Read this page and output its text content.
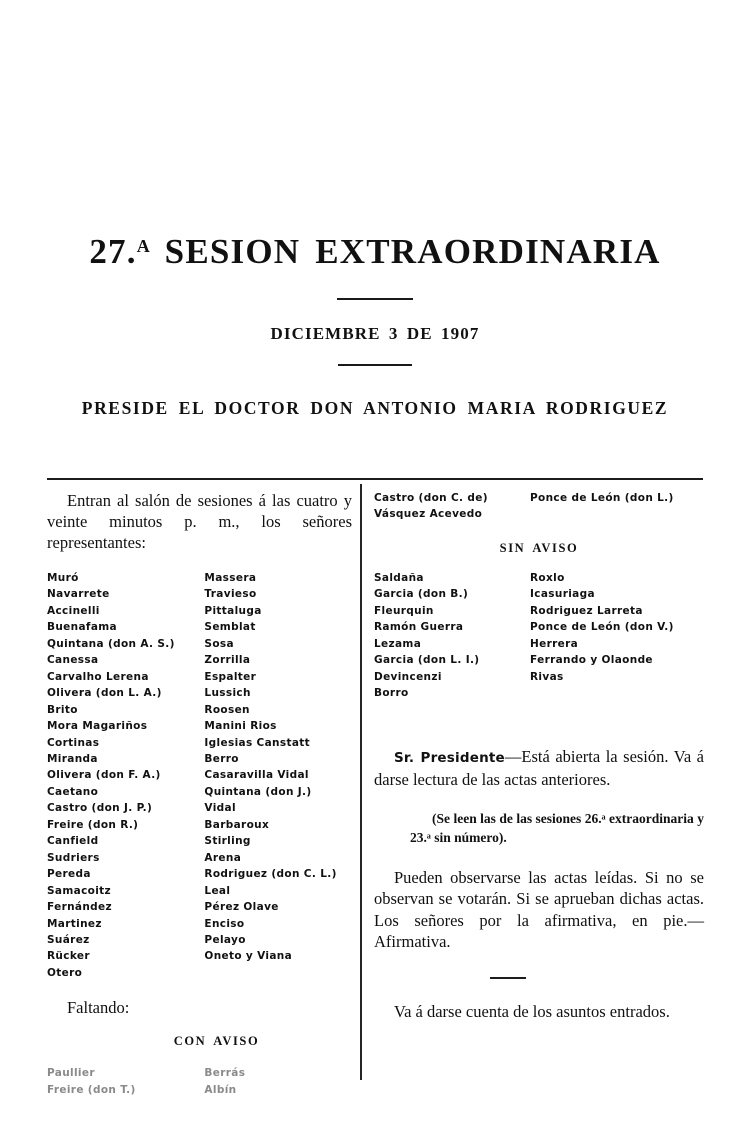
27.$^A$ SESION EXTRAORDINARIA
DICIEMBRE 3 DE 1907
PRESIDE EL DOCTOR DON ANTONIO MARIA RODRIGUEZ
Entran al salón de sesiones á las cuatro y veinte minutos p. m., los señores representantes:
Muró
Navarrete
Accinelli
Buenafama
Quintana (don A. S.)
Canessa
Carvalho Lerena
Olivera (don L. A.)
Brito
Mora Magariños
Cortinas
Miranda
Olivera (don F. A.)
Caetano
Castro (don J. P.)
Freire (don R.)
Canfield
Sudriers
Pereda
Samacoitz
Fernández
Martinez
Suárez
Rücker
Otero
Massera
Travieso
Pittaluga
Semblat
Sosa
Zorrilla
Espalter
Lussich
Roosen
Manini Rios
Iglesias Canstatt
Berro
Casaravilla Vidal
Quintana (don J.)
Vidal
Barbaroux
Stirling
Arena
Rodriguez (don C. L.)
Leal
Pérez Olave
Enciso
Pelayo
Oneto y Viana
Faltando:
CON AVISO
Paullier
Freire (don T.)
Berrás
Albín
Castro (don C. de)
Vásquez Acevedo
Ponce de León (don L.)
SIN AVISO
Saldaña
Garcia (don B.)
Fleurquin
Ramón Guerra
Lezama
Garcia (don L. I.)
Devincenzi
Borro
Roxlo
Icasuriaga
Rodriguez Larreta
Ponce de León (don V.)
Herrera
Ferrando y Olaonde
Rivas
Sr. Presidente—Está abierta la sesión. Va á darse lectura de las actas anteriores.
(Se leen las de las sesiones 26.ᵃ extraordinaria y 23.ᵃ sin número).
Pueden observarse las actas leídas. Si no se observan se votarán. Si se aprueban dichas actas. Los señores por la afirmativa, en pie.—Afirmativa.
Va á darse cuenta de los asuntos entrados.
